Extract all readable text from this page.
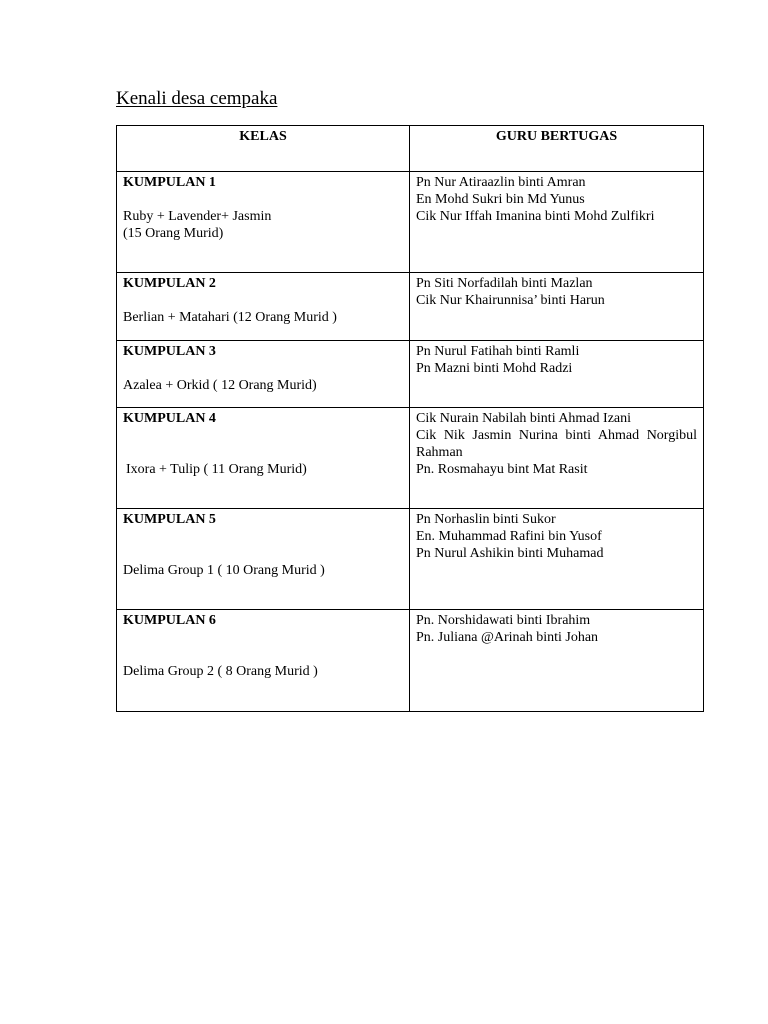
Kenali desa cempaka
KELAS	GURU BERTUGAS

KUMPULAN 1
Ruby + Lavender+ Jasmin
(15 Orang Murid)	Pn Nur Atiraazlin binti Amran
En Mohd Sukri bin Md Yunus
Cik Nur Iffah Imanina binti Mohd Zulfikri

KUMPULAN 2
Berlian + Matahari (12 Orang Murid )	Pn Siti Norfadilah binti Mazlan
Cik Nur Khairunnisa’ binti Harun

KUMPULAN 3
Azalea + Orkid ( 12 Orang Murid)	Pn Nurul Fatihah binti Ramli
Pn Mazni binti Mohd Radzi

KUMPULAN 4
Ixora + Tulip ( 11 Orang Murid)	Cik Nurain Nabilah binti Ahmad Izani
Cik Nik Jasmin Nurina binti Ahmad Norgibul Rahman
Pn. Rosmahayu bint Mat Rasit

KUMPULAN 5
Delima Group 1 ( 10 Orang Murid )	Pn Norhaslin binti Sukor
En. Muhammad Rafini bin Yusof
Pn Nurul Ashikin binti Muhamad

KUMPULAN 6
Delima Group 2 ( 8 Orang Murid )	Pn. Norshidawati binti Ibrahim
Pn. Juliana @Arinah binti Johan
